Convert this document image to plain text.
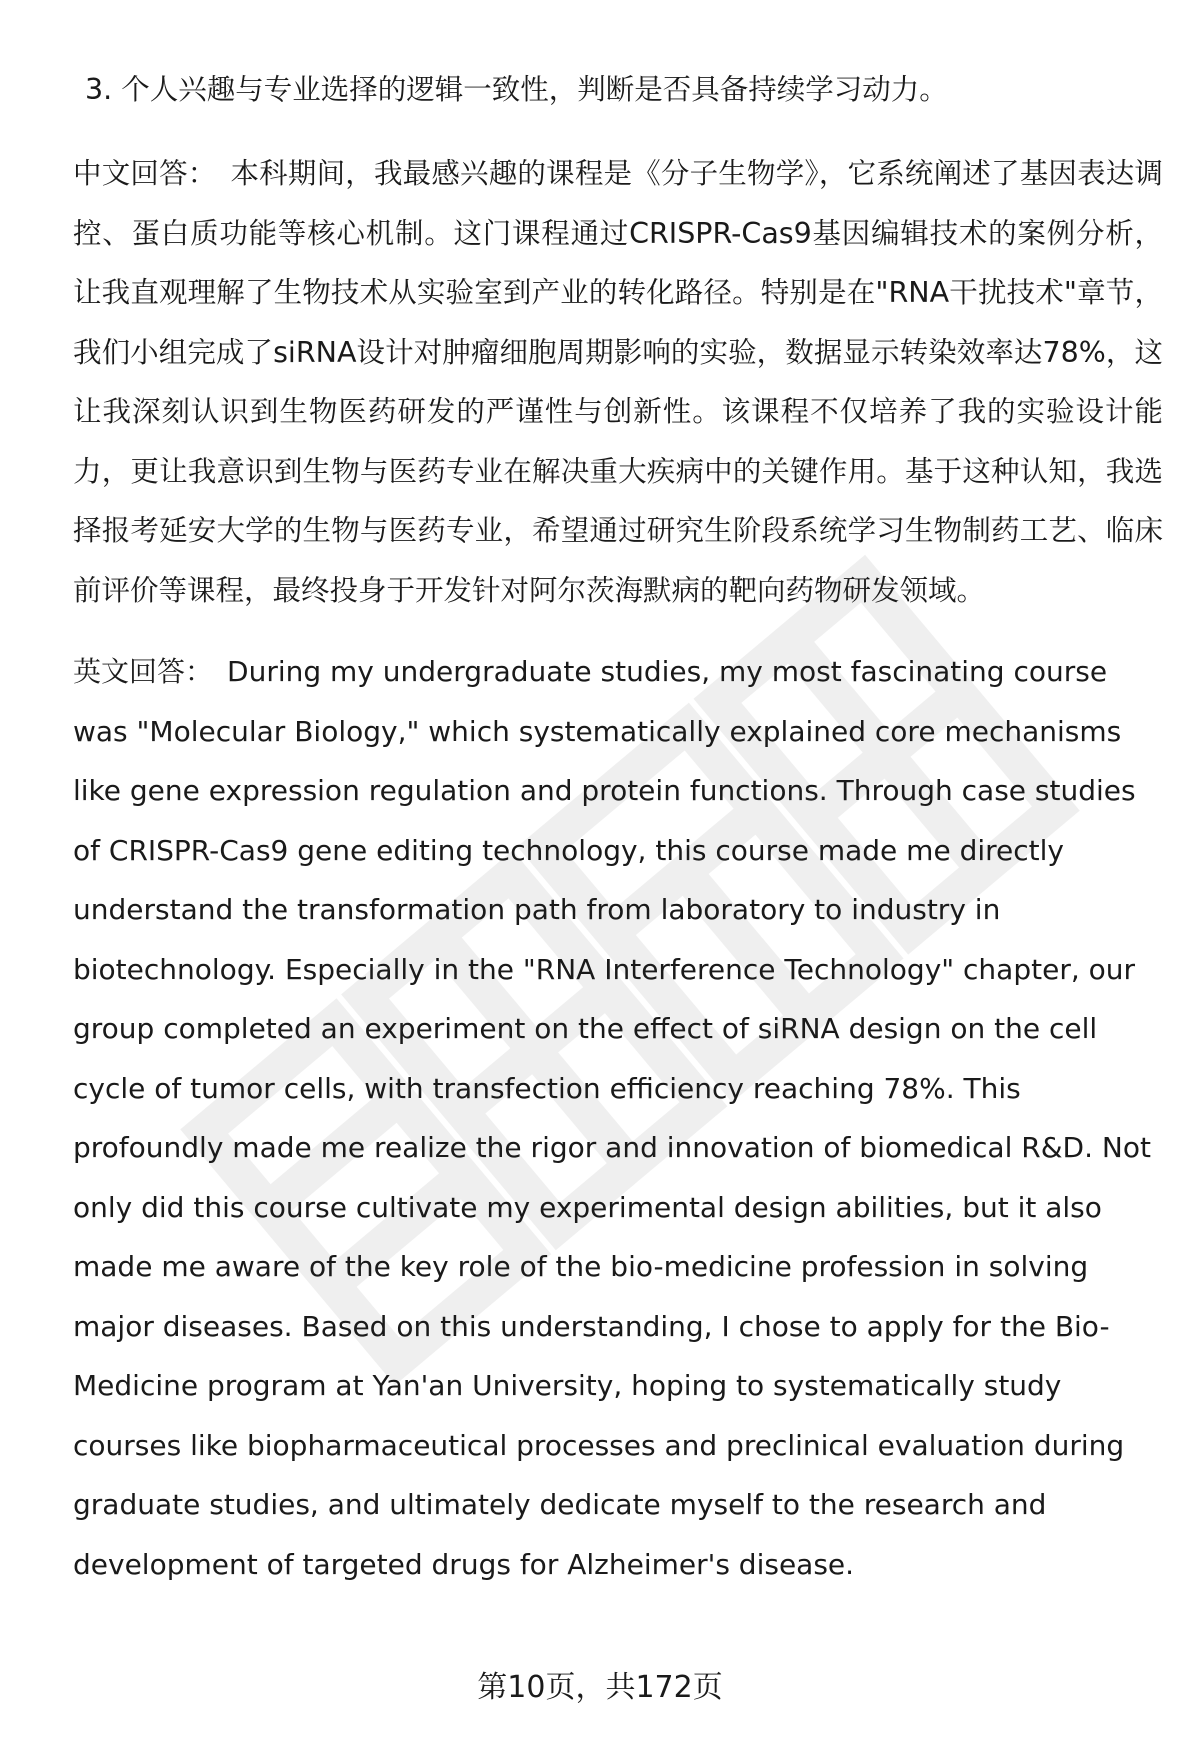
3. 个人兴趣与专业选择的逻辑一致性，判断是否具备持续学习动力。

中文回答： 本科期间，我最感兴趣的课程是《分子生物学》，它系统阐述了基因表达调控、蛋白质功能等核心机制。这门课程通过CRISPR-Cas9基因编辑技术的案例分析，让我直观理解了生物技术从实验室到产业的转化路径。特别是在"RNA干扰技术"章节，我们小组完成了siRNA设计对肿瘤细胞周期影响的实验，数据显示转染效率达78%，这让我深刻认识到生物医药研发的严谨性与创新性。该课程不仅培养了我的实验设计能力，更让我意识到生物与医药专业在解决重大疾病中的关键作用。基于这种认知，我选择报考延安大学的生物与医药专业，希望通过研究生阶段系统学习生物制药工艺、临床前评价等课程，最终投身于开发针对阿尔茨海默病的靶向药物研发领域。

英文回答： During my undergraduate studies, my most fascinating course was "Molecular Biology," which systematically explained core mechanisms like gene expression regulation and protein functions. Through case studies of CRISPR-Cas9 gene editing technology, this course made me directly understand the transformation path from laboratory to industry in biotechnology. Especially in the "RNA Interference Technology" chapter, our group completed an experiment on the effect of siRNA design on the cell cycle of tumor cells, with transfection efficiency reaching 78%. This profoundly made me realize the rigor and innovation of biomedical R&D. Not only did this course cultivate my experimental design abilities, but it also made me aware of the key role of the bio-medicine profession in solving major diseases. Based on this understanding, I chose to apply for the Bio-Medicine program at Yan'an University, hoping to systematically study courses like biopharmaceutical processes and preclinical evaluation during graduate studies, and ultimately dedicate myself to the research and development of targeted drugs for Alzheimer's disease.

第10页，共172页
